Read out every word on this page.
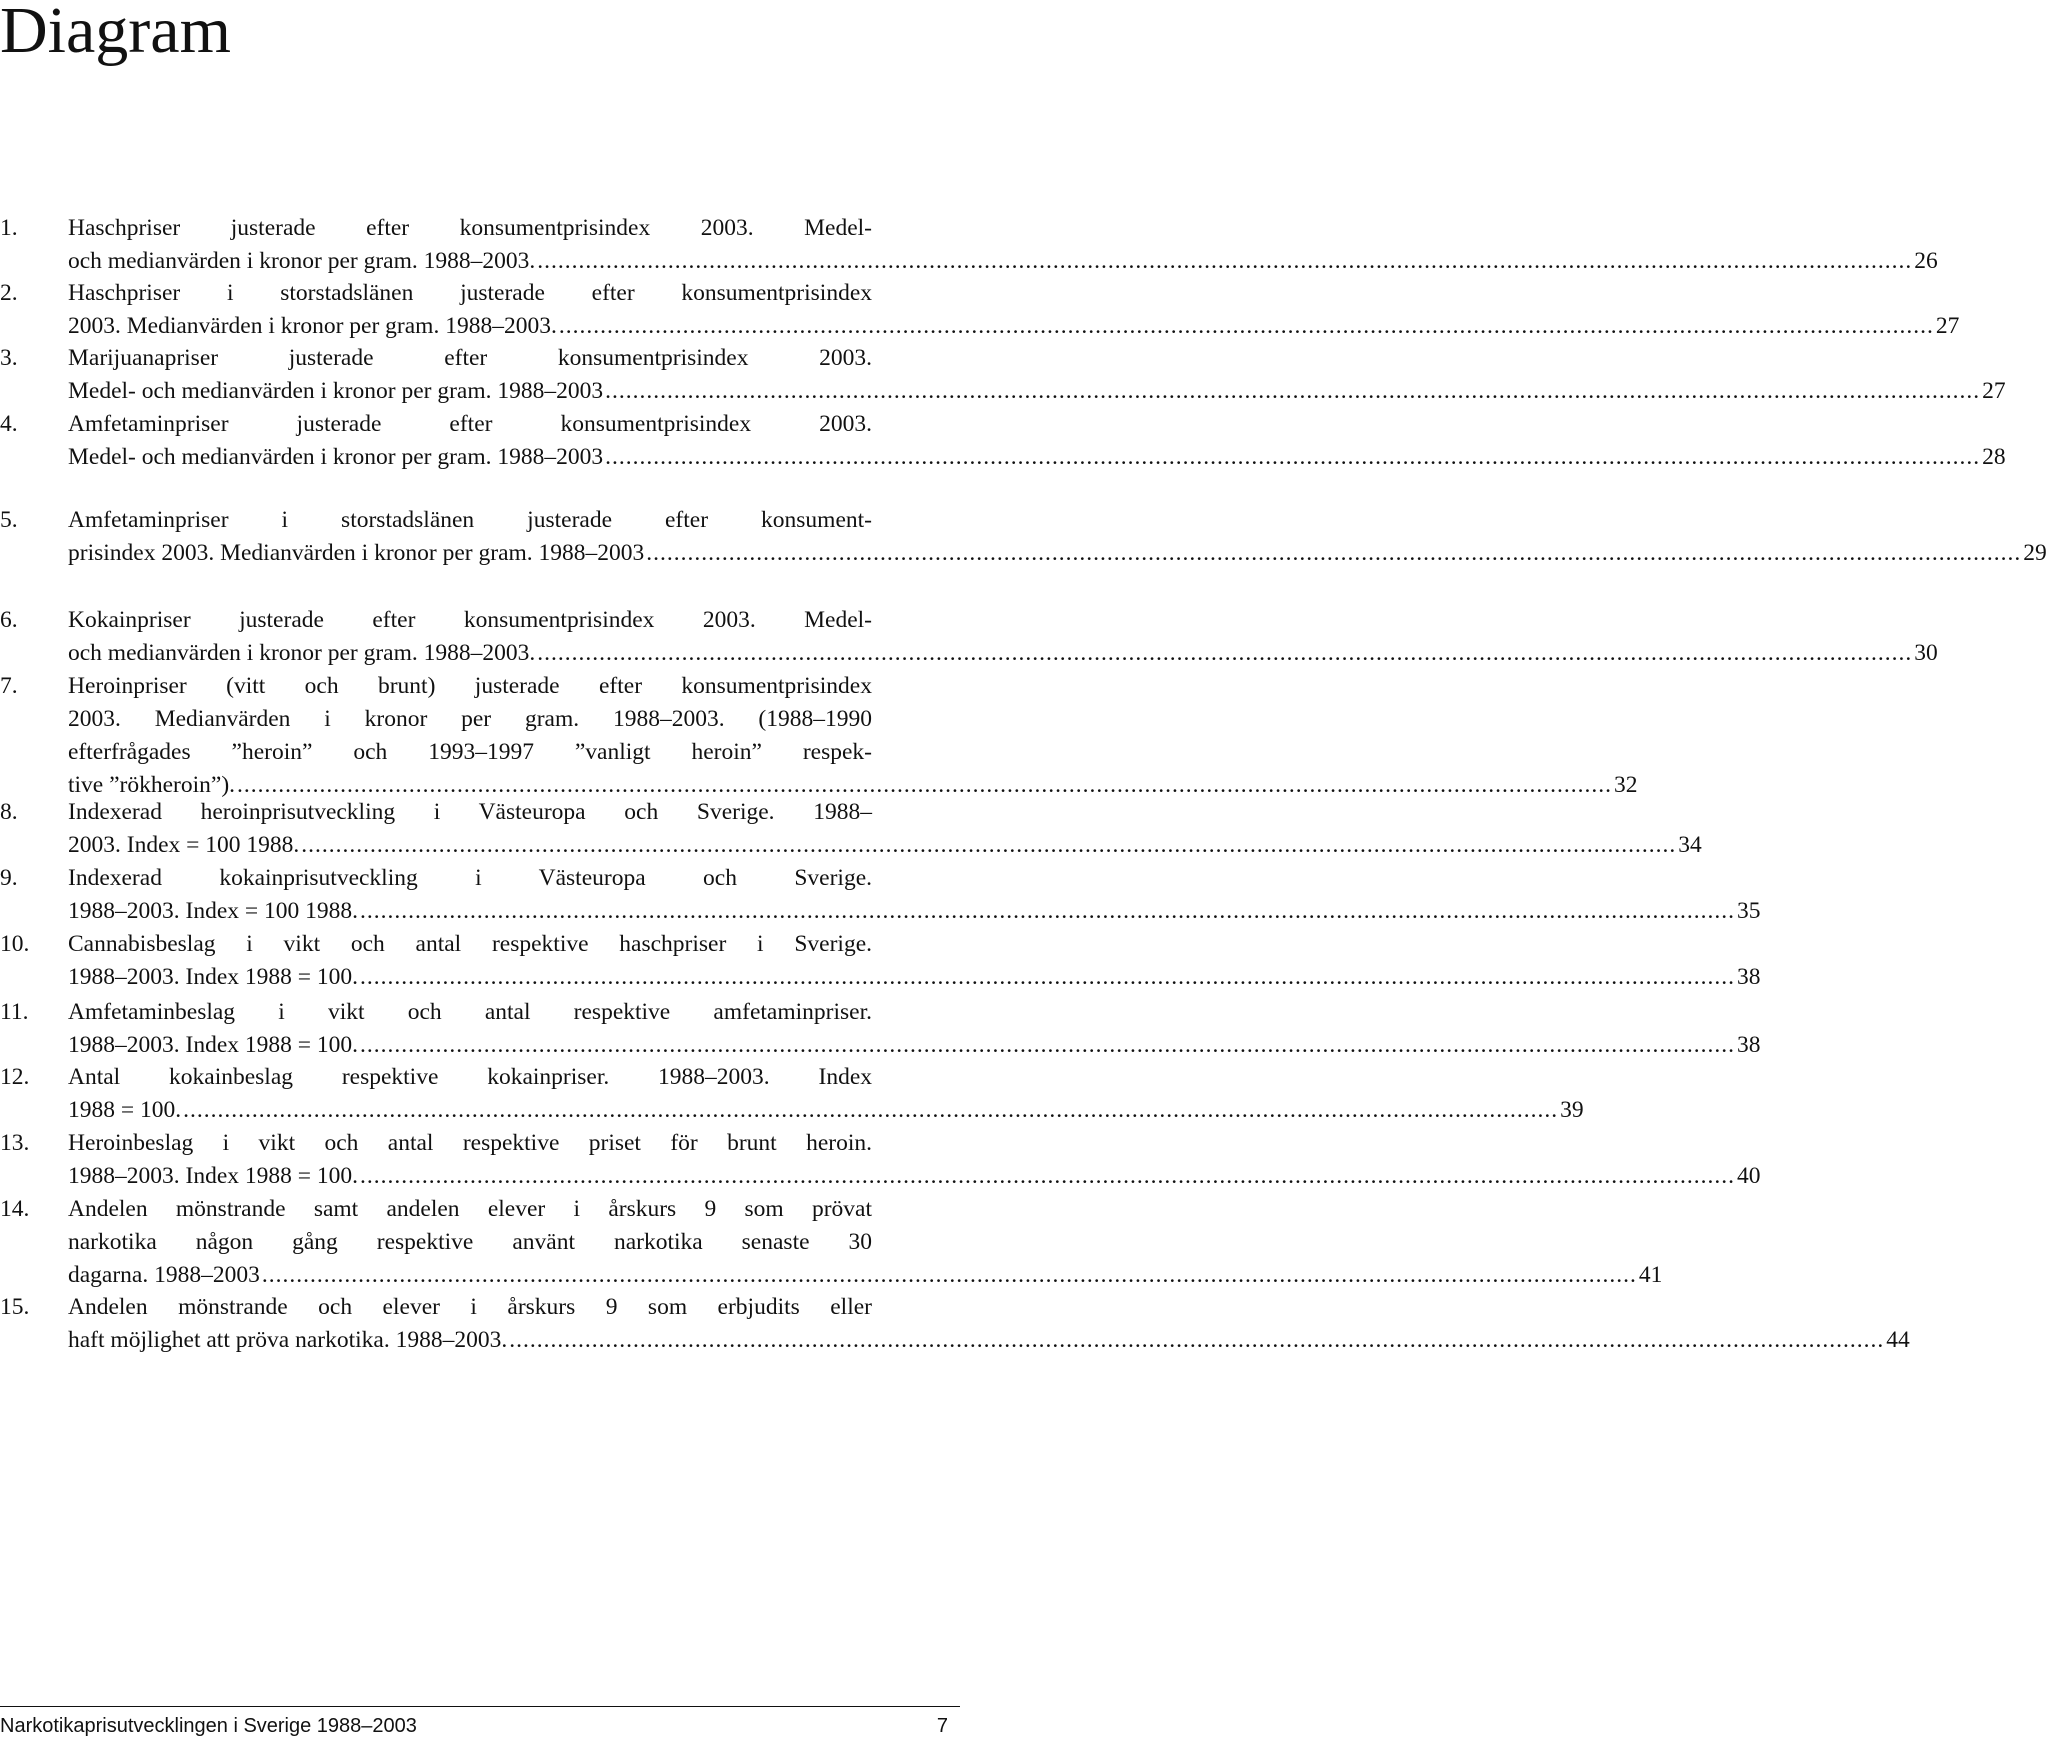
Diagram
1. Haschpriser justerade efter konsumentprisindex 2003. Medel-
och medianvärden i kronor per gram. 1988–2003. ........................................................................................................................................................................................................ 26
2. Haschpriser i storstadslänen justerade efter konsumentprisindex
2003. Medianvärden i kronor per gram. 1988–2003. ........................................................................................................................................................................................................ 27
3. Marijuanapriser justerade efter konsumentprisindex 2003.
Medel- och medianvärden i kronor per gram. 1988–2003 ........................................................................................................................................................................................................ 27
4. Amfetaminpriser justerade efter konsumentprisindex 2003.
Medel- och medianvärden i kronor per gram. 1988–2003 ........................................................................................................................................................................................................ 28
5. Amfetaminpriser i storstadslänen justerade efter konsument-
prisindex 2003. Medianvärden i kronor per gram. 1988–2003 ........................................................................................................................................................................................................ 29
6. Kokainpriser justerade efter konsumentprisindex 2003. Medel-
och medianvärden i kronor per gram. 1988–2003. ........................................................................................................................................................................................................ 30
7. Heroinpriser (vitt och brunt) justerade efter konsumentprisindex
2003. Medianvärden i kronor per gram. 1988–2003. (1988–1990
efterfrågades ”heroin” och 1993–1997 ”vanligt heroin” respek-
tive ”rökheroin”). ........................................................................................................................................................................................................ 32
8. Indexerad heroinprisutveckling i Västeuropa och Sverige. 1988–
2003. Index = 100 1988. ........................................................................................................................................................................................................ 34
9. Indexerad kokainprisutveckling i Västeuropa och Sverige.
1988–2003. Index = 100 1988. ........................................................................................................................................................................................................ 35
10. Cannabisbeslag i vikt och antal respektive haschpriser i Sverige.
1988–2003. Index 1988 = 100. ........................................................................................................................................................................................................ 38
11. Amfetaminbeslag i vikt och antal respektive amfetaminpriser.
1988–2003. Index 1988 = 100. ........................................................................................................................................................................................................ 38
12. Antal kokainbeslag respektive kokainpriser. 1988–2003. Index
1988 = 100. ........................................................................................................................................................................................................ 39
13. Heroinbeslag i vikt och antal respektive priset för brunt heroin.
1988–2003. Index 1988 = 100. ........................................................................................................................................................................................................ 40
14. Andelen mönstrande samt andelen elever i årskurs 9 som prövat
narkotika någon gång respektive använt narkotika senaste 30
dagarna. 1988–2003 ........................................................................................................................................................................................................ 41
15. Andelen mönstrande och elever i årskurs 9 som erbjudits eller
haft möjlighet att pröva narkotika. 1988–2003. ........................................................................................................................................................................................................ 44
Narkotikaprisutvecklingen i Sverige 1988–2003	7
